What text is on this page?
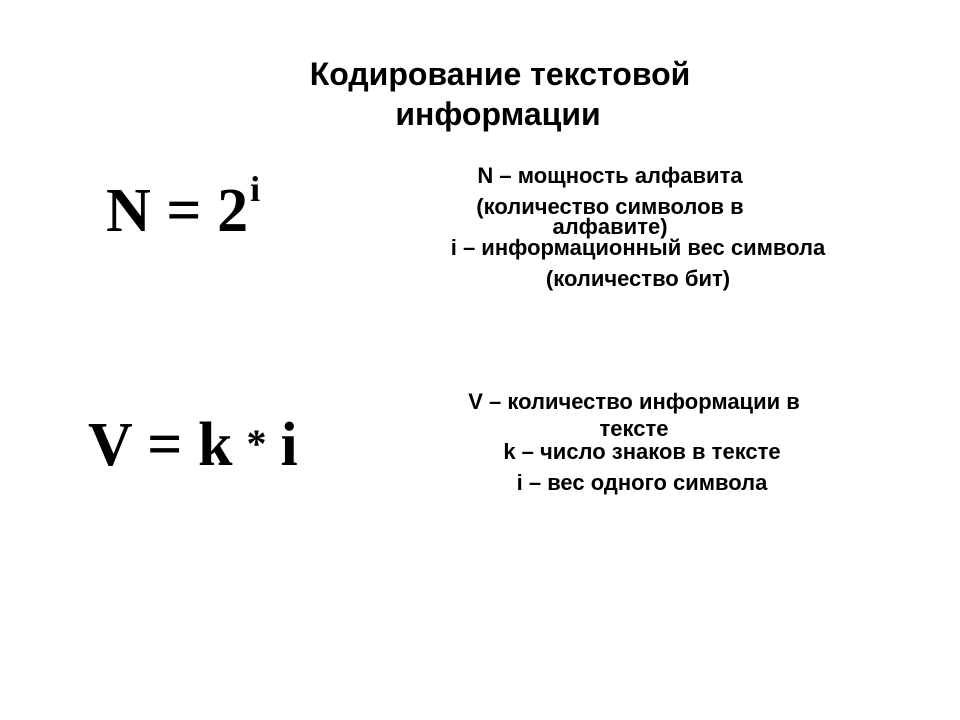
Кодирование текстовой
информации
$N = 2^i$	N – мощность алфавита
(количество символов в
алфавите)
i – информационный вес символа
(количество бит)
V = k * i
V – количество информации в
тексте
k – число знаков в тексте
i – вес одного символа
